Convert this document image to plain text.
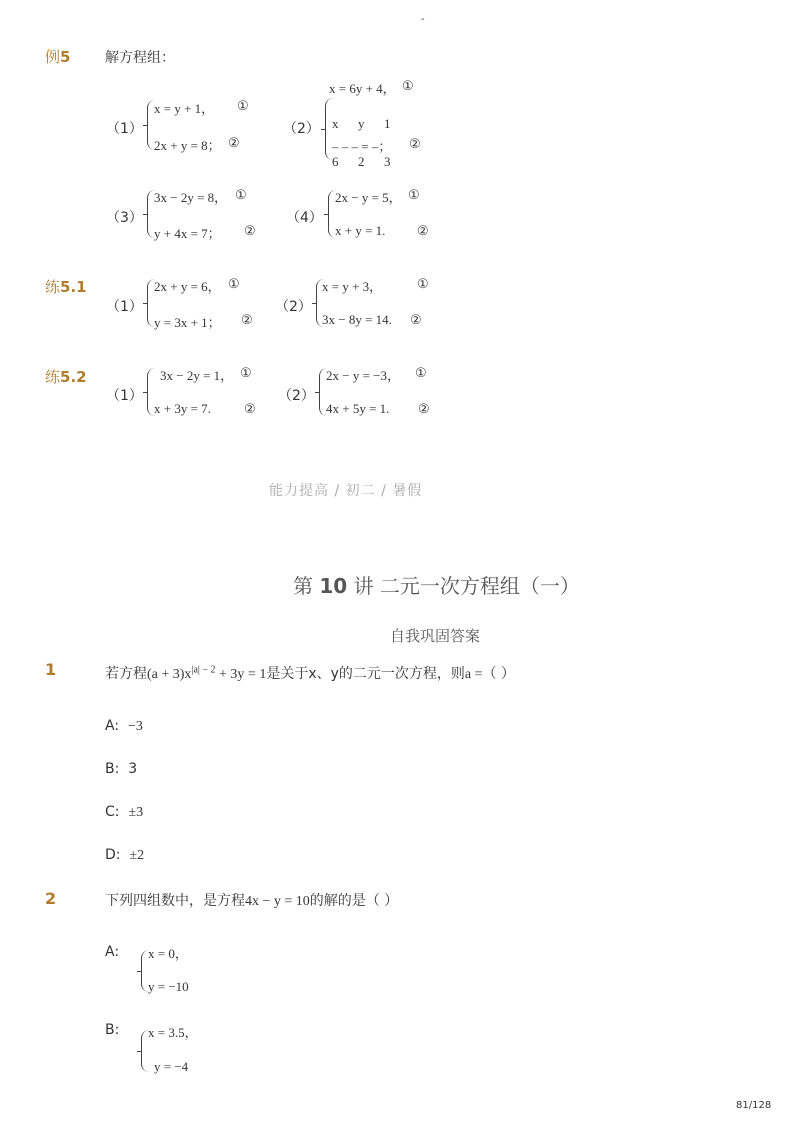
-
例5 解方程组：
（1）
x = y + 1， ①
2x + y = 8； ②
（2）
x = 6y + 4， ①
x      y      1
– – – = –； ②
6      2      3
（3）
3x − 2y = 8， ①
y + 4x = 7； ②
（4）
2x − y = 5， ①
x + y = 1. ②
练5.1
（1）
2x + y = 6， ①
y = 3x + 1； ②
（2）
x = y + 3，	①
3x − 8y = 14. ②
练5.2
（1）
3x − 2y = 1， ①
x + 3y = 7.	②
（2）
2x − y = −3， ①
4x + 5y = 1. ②
能力提高 / 初二 / 暑假
第 10 讲 二元一次方程组（一）
自我巩固答案
1	若方程$(a + 3)x^{|a| - 2} + 3y = 1$是关于x、y的二元一次方程，则a =（ ）
A: −3
B: 3
C: ±3
D: ±2
2	下列四组数中，是方程4x − y = 10的解的是（ ）
A: x = 0，
y = −10
B: x = 3.5，
y = −4
81/128
